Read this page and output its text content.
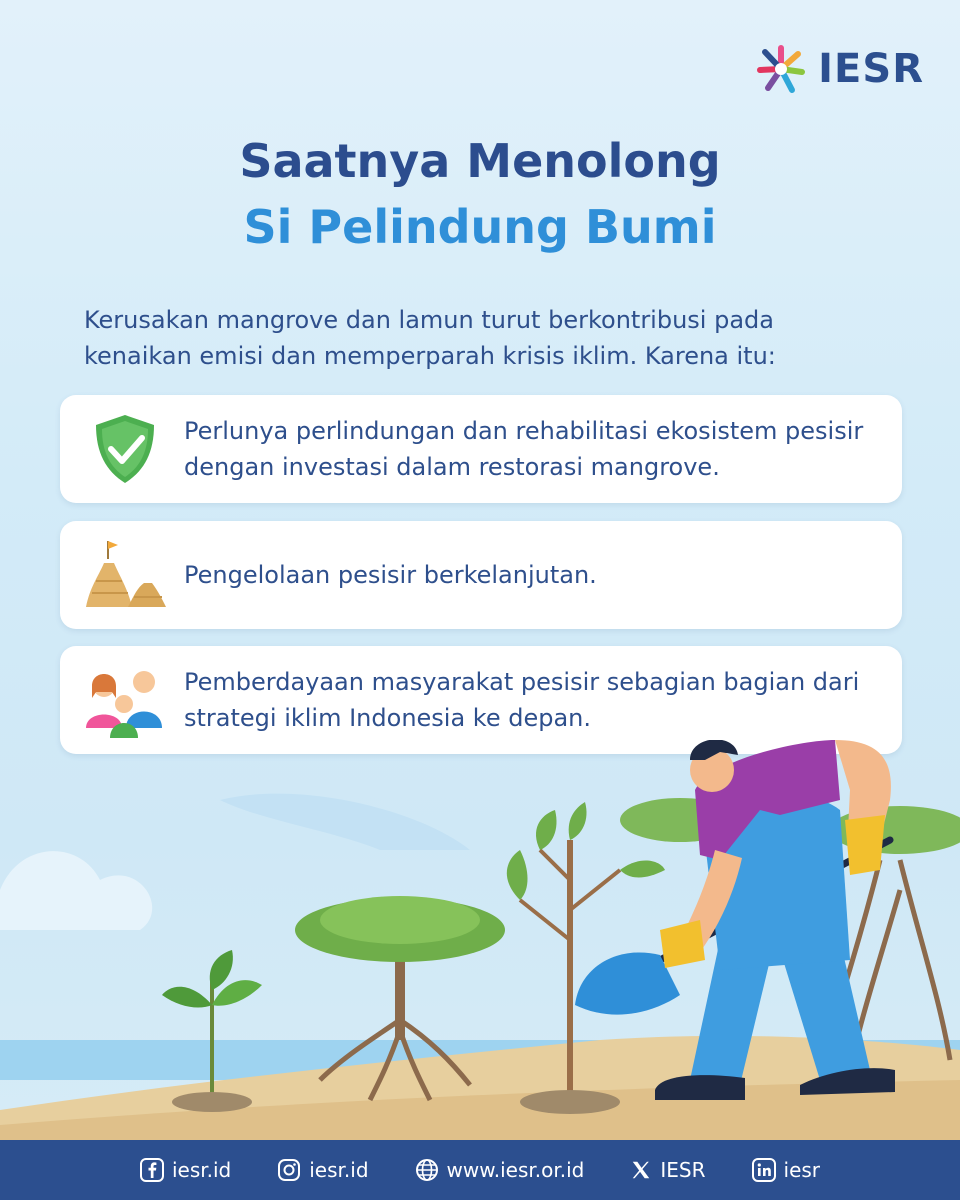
IESR
Saatnya Menolong
Si Pelindung Bumi

Kerusakan mangrove dan lamun turut berkontribusi pada kenaikan emisi dan memperparah krisis iklim. Karena itu:

Perlunya perlindungan dan rehabilitasi ekosistem pesisir dengan investasi dalam restorasi mangrove.
Pengelolaan pesisir berkelanjutan.
Pemberdayaan masyarakat pesisir sebagian bagian dari strategi iklim Indonesia ke depan.
iesr.id	iesr.id	www.iesr.or.id	IESR	iesr
